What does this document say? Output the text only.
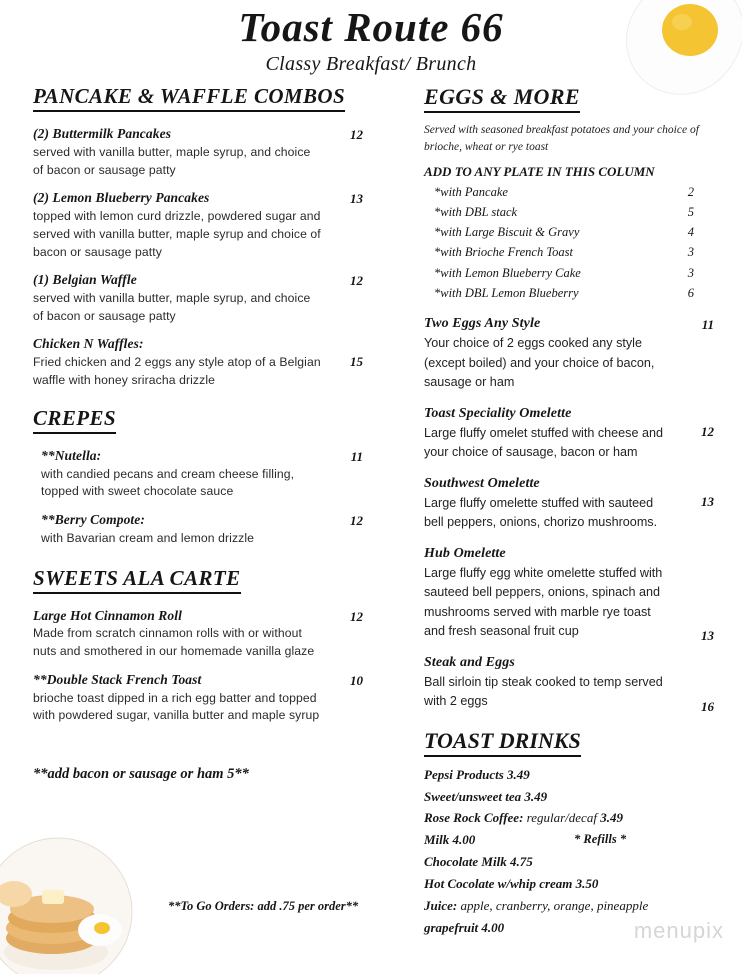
Toast Route 66
Classy Breakfast/ Brunch
PANCAKE & WAFFLE COMBOS
(2) Buttermilk Pancakes
served with vanilla butter, maple syrup, and choice of bacon or sausage patty
12
(2) Lemon Blueberry Pancakes
topped with lemon curd drizzle, powdered sugar and served with vanilla butter, maple syrup and choice of bacon or sausage patty
13
(1) Belgian Waffle
served with vanilla butter, maple syrup, and choice of bacon or sausage patty
12
Chicken N Waffles:
Fried chicken and 2 eggs any style atop of a Belgian waffle with honey sriracha drizzle
15
CREPES
**Nutella:
with candied pecans and cream cheese filling, topped with sweet chocolate sauce
11
**Berry Compote:
with Bavarian cream and lemon drizzle
12
SWEETS ALA CARTE
Large Hot Cinnamon Roll
Made from scratch cinnamon rolls with or without nuts and smothered in our homemade vanilla glaze
12
**Double Stack French Toast
brioche toast dipped in a rich egg batter and topped with powdered sugar, vanilla butter and maple syrup
10
EGGS & MORE
Served with seasoned breakfast potatoes and your choice of brioche, wheat or rye toast
ADD TO ANY PLATE IN THIS COLUMN
*with Pancake	2
*with DBL stack	5
*with Large Biscuit & Gravy	4
*with Brioche French Toast	3
*with Lemon Blueberry Cake	3
*with DBL Lemon Blueberry	6
Two Eggs Any Style
Your choice of 2 eggs cooked any style (except boiled) and your choice of bacon, sausage or ham
11
Toast Speciality Omelette
Large fluffy omelet stuffed with cheese and your choice of sausage, bacon or ham
12
Southwest Omelette
Large fluffy omelette stuffed with sauteed bell peppers, onions, chorizo mushrooms.
13
Hub Omelette
Large fluffy egg white omelette stuffed with sauteed bell peppers, onions, spinach and mushrooms served with marble rye toast and fresh seasonal fruit cup	13
Steak and Eggs
Ball sirloin tip steak cooked to temp served with 2 eggs	16
TOAST DRINKS
Pepsi Products 3.49
Sweet/unsweet tea 3.49
Rose Rock Coffee: regular/decaf 3.49
Milk 4.00	* Refills *
Chocolate Milk 4.75
Hot Cocolate w/whip cream 3.50
Juice: apple, cranberry, orange, pineapple
grapefruit 4.00
**add bacon or sausage or ham 5**
**To Go Orders: add .75 per order**
menupix
